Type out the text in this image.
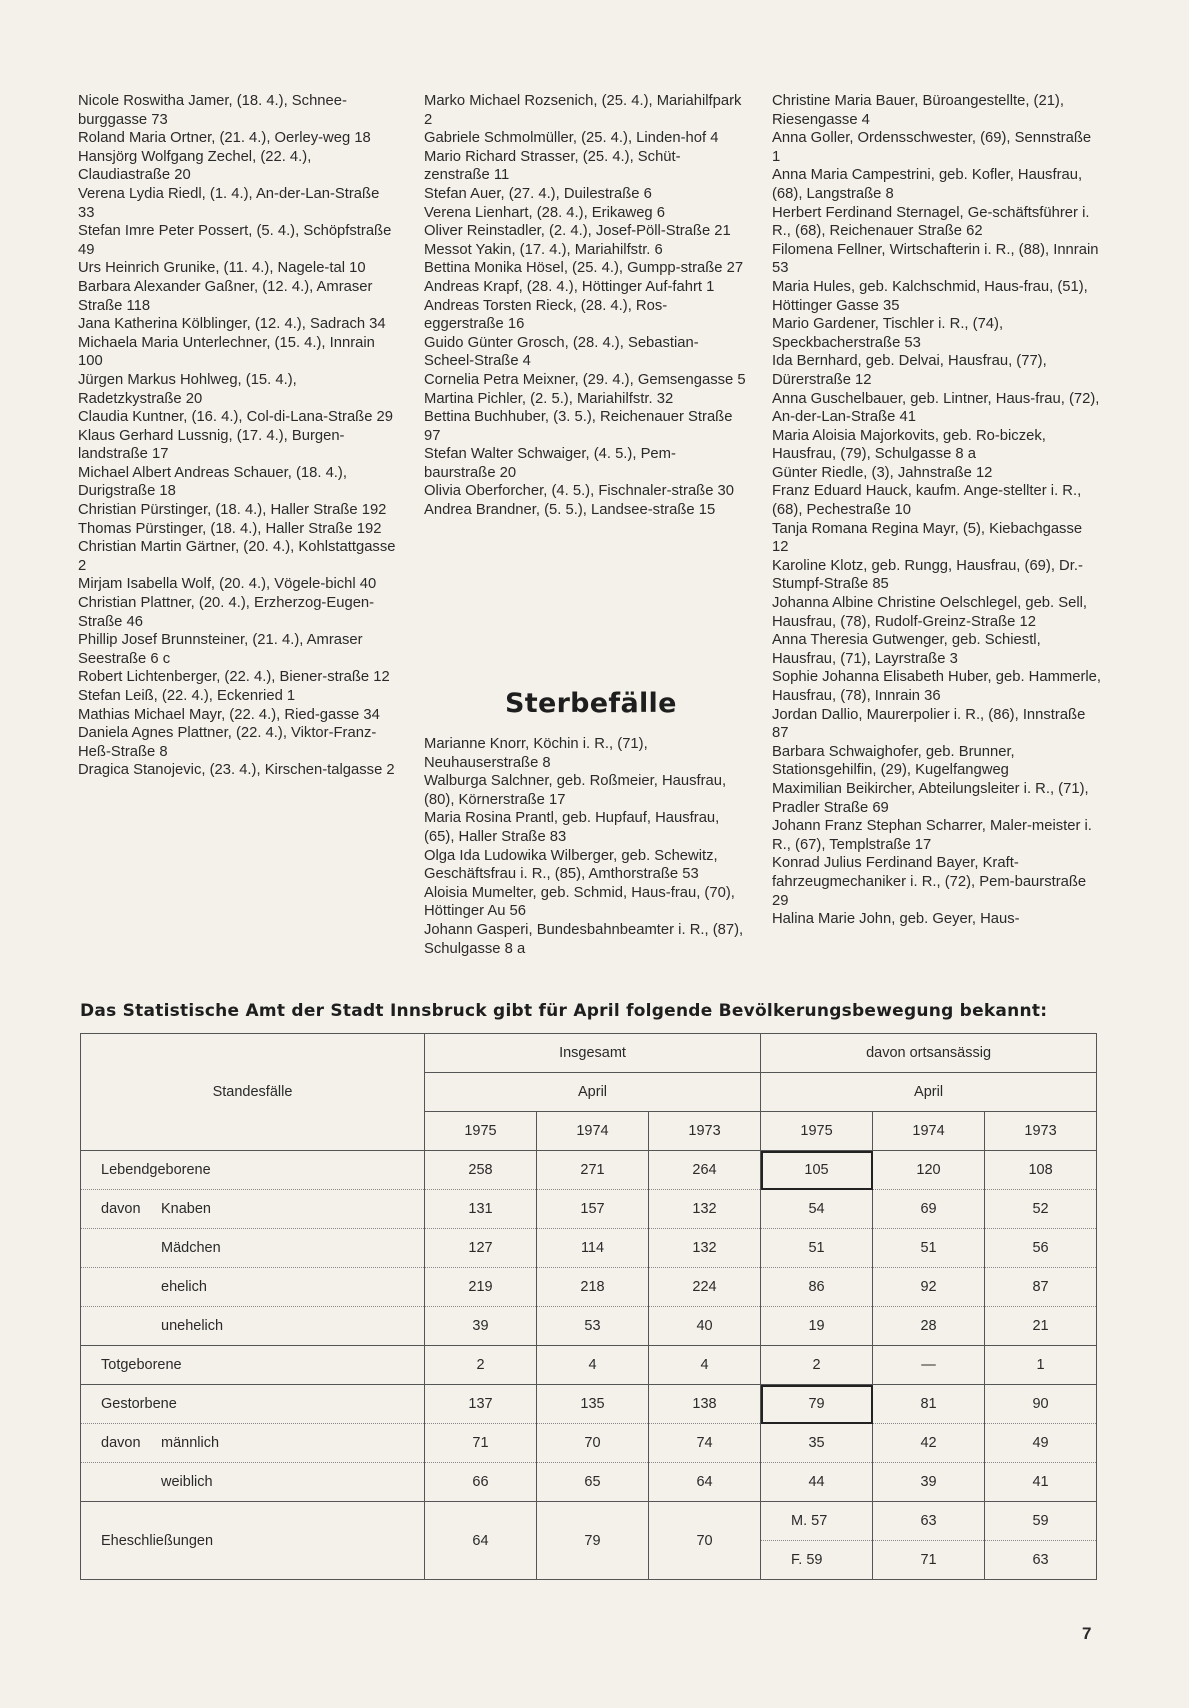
Nicole Roswitha Jamer, (18. 4.), Schnee-burggasse 73

Roland Maria Ortner, (21. 4.), Oerley-weg 18

Hansjörg Wolfgang Zechel, (22. 4.), Claudiastraße 20

Verena Lydia Riedl, (1. 4.), An-der-Lan-Straße 33

Stefan Imre Peter Possert, (5. 4.), Schöpfstraße 49

Urs Heinrich Grunike, (11. 4.), Nagele-tal 10

Barbara Alexander Gaßner, (12. 4.), Amraser Straße 118

Jana Katherina Kölblinger, (12. 4.), Sadrach 34

Michaela Maria Unterlechner, (15. 4.), Innrain 100

Jürgen Markus Hohlweg, (15. 4.), Radetzkystraße 20

Claudia Kuntner, (16. 4.), Col-di-Lana-Straße 29

Klaus Gerhard Lussnig, (17. 4.), Burgen-landstraße 17

Michael Albert Andreas Schauer, (18. 4.), Durigstraße 18

Christian Pürstinger, (18. 4.), Haller Straße 192

Thomas Pürstinger, (18. 4.), Haller Straße 192

Christian Martin Gärtner, (20. 4.), Kohlstattgasse 2

Mirjam Isabella Wolf, (20. 4.), Vögele-bichl 40

Christian Plattner, (20. 4.), Erzherzog-Eugen-Straße 46

Phillip Josef Brunnsteiner, (21. 4.), Amraser Seestraße 6 c

Robert Lichtenberger, (22. 4.), Biener-straße 12

Stefan Leiß, (22. 4.), Eckenried 1

Mathias Michael Mayr, (22. 4.), Ried-gasse 34

Daniela Agnes Plattner, (22. 4.), Viktor-Franz-Heß-Straße 8

Dragica Stanojevic, (23. 4.), Kirschen-talgasse 2

Marko Michael Rozsenich, (25. 4.), Mariahilfpark 2

Gabriele Schmolmüller, (25. 4.), Linden-hof 4

Mario Richard Strasser, (25. 4.), Schüt-zenstraße 11

Stefan Auer, (27. 4.), Duilestraße 6

Verena Lienhart, (28. 4.), Erikaweg 6

Oliver Reinstadler, (2. 4.), Josef-Pöll-Straße 21

Messot Yakin, (17. 4.), Mariahilfstr. 6

Bettina Monika Hösel, (25. 4.), Gumpp-straße 27

Andreas Krapf, (28. 4.), Höttinger Auf-fahrt 1

Andreas Torsten Rieck, (28. 4.), Ros-eggerstraße 16

Guido Günter Grosch, (28. 4.), Sebastian-Scheel-Straße 4

Cornelia Petra Meixner, (29. 4.), Gemsengasse 5

Martina Pichler, (2. 5.), Mariahilfstr. 32

Bettina Buchhuber, (3. 5.), Reichenauer Straße 97

Stefan Walter Schwaiger, (4. 5.), Pem-baurstraße 20

Olivia Oberforcher, (4. 5.), Fischnaler-straße 30

Andrea Brandner, (5. 5.), Landsee-straße 15

Sterbefälle

Marianne Knorr, Köchin i. R., (71), Neuhauserstraße 8

Walburga Salchner, geb. Roßmeier, Hausfrau, (80), Körnerstraße 17

Maria Rosina Prantl, geb. Hupfauf, Hausfrau, (65), Haller Straße 83

Olga Ida Ludowika Wilberger, geb. Schewitz, Geschäftsfrau i. R., (85), Amthorstraße 53

Aloisia Mumelter, geb. Schmid, Haus-frau, (70), Höttinger Au 56

Johann Gasperi, Bundesbahnbeamter i. R., (87), Schulgasse 8 a

Christine Maria Bauer, Büroangestellte, (21), Riesengasse 4

Anna Goller, Ordensschwester, (69), Sennstraße 1

Anna Maria Campestrini, geb. Kofler, Hausfrau, (68), Langstraße 8

Herbert Ferdinand Sternagel, Ge-schäftsführer i. R., (68), Reichenauer Straße 62

Filomena Fellner, Wirtschafterin i. R., (88), Innrain 53

Maria Hules, geb. Kalchschmid, Haus-frau, (51), Höttinger Gasse 35

Mario Gardener, Tischler i. R., (74), Speckbacherstraße 53

Ida Bernhard, geb. Delvai, Hausfrau, (77), Dürerstraße 12

Anna Guschelbauer, geb. Lintner, Haus-frau, (72), An-der-Lan-Straße 41

Maria Aloisia Majorkovits, geb. Ro-biczek, Hausfrau, (79), Schulgasse 8 a

Günter Riedle, (3), Jahnstraße 12

Franz Eduard Hauck, kaufm. Ange-stellter i. R., (68), Pechestraße 10

Tanja Romana Regina Mayr, (5), Kiebachgasse 12

Karoline Klotz, geb. Rungg, Hausfrau, (69), Dr.-Stumpf-Straße 85

Johanna Albine Christine Oelschlegel, geb. Sell, Hausfrau, (78), Rudolf-Greinz-Straße 12

Anna Theresia Gutwenger, geb. Schiestl, Hausfrau, (71), Layrstraße 3

Sophie Johanna Elisabeth Huber, geb. Hammerle, Hausfrau, (78), Innrain 36

Jordan Dallio, Maurerpolier i. R., (86), Innstraße 87

Barbara Schwaighofer, geb. Brunner, Stationsgehilfin, (29), Kugelfangweg

Maximilian Beikircher, Abteilungsleiter i. R., (71), Pradler Straße 69

Johann Franz Stephan Scharrer, Maler-meister i. R., (67), Templstraße 17

Konrad Julius Ferdinand Bayer, Kraft-fahrzeugmechaniker i. R., (72), Pem-baurstraße 29

Halina Marie John, geb. Geyer, Haus-

Das Statistische Amt der Stadt Innsbruck gibt für April folgende Bevölkerungsbewegung bekannt:
Standesfälle	Insgesamt			davon ortsansässig		
	April			April		
	1975	1974	1973	1975	1974	1973
Lebendgeborene	258	271	264	105	120	108
davon Knaben	131	157	132	54	69	52
Mädchen	127	114	132	51	51	56
ehelich	219	218	224	86	92	87
unehelich	39	53	40	19	28	21
Totgeborene	2	4	4	2	—	1
Gestorbene	137	135	138	79	81	90
davon männlich	71	70	74	35	42	49
weiblich	66	65	64	44	39	41
Eheschließungen	64	79	70	M. 57	63	59
				F. 59	71	63
7
